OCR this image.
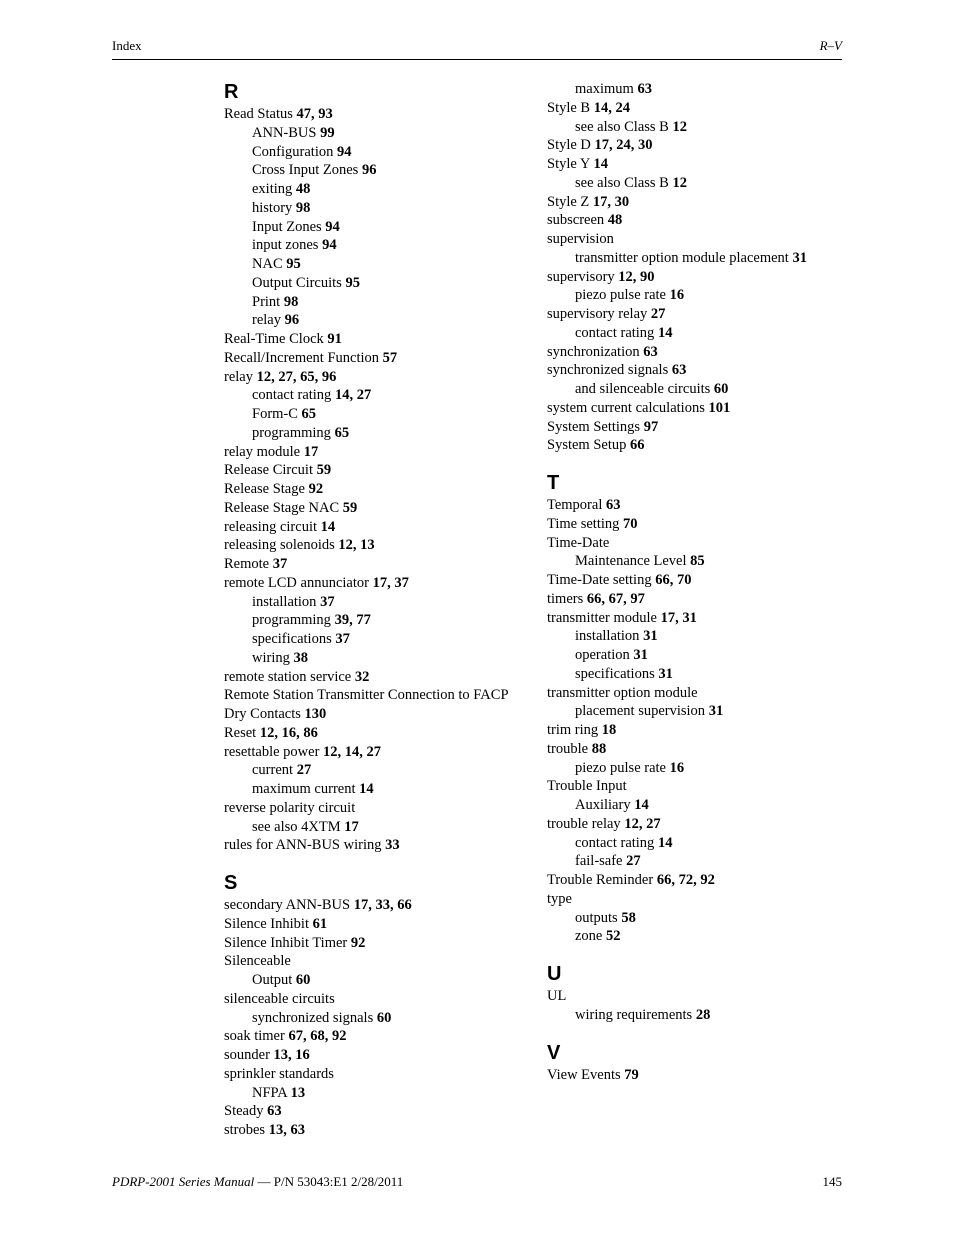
Index	R–V
R
Read Status 47, 93
ANN-BUS 99
Configuration 94
Cross Input Zones 96
exiting 48
history 98
Input Zones 94
input zones 94
NAC 95
Output Circuits 95
Print 98
relay 96
Real-Time Clock 91
Recall/Increment Function 57
relay 12, 27, 65, 96
contact rating 14, 27
Form-C 65
programming 65
relay module 17
Release Circuit 59
Release Stage 92
Release Stage NAC 59
releasing circuit 14
releasing solenoids 12, 13
Remote 37
remote LCD annunciator 17, 37
installation 37
programming 39, 77
specifications 37
wiring 38
remote station service 32
Remote Station Transmitter Connection to FACP
Dry Contacts 130
Reset 12, 16, 86
resettable power 12, 14, 27
current 27
maximum current 14
reverse polarity circuit
see also 4XTM 17
rules for ANN-BUS wiring 33
S
secondary ANN-BUS 17, 33, 66
Silence Inhibit 61
Silence Inhibit Timer 92
Silenceable
Output 60
silenceable circuits
synchronized signals 60
soak timer 67, 68, 92
sounder 13, 16
sprinkler standards
NFPA 13
Steady 63
strobes 13, 63
maximum 63
Style B 14, 24
see also Class B 12
Style D 17, 24, 30
Style Y 14
see also Class B 12
Style Z 17, 30
subscreen 48
supervision
transmitter option module placement 31
supervisory 12, 90
piezo pulse rate 16
supervisory relay 27
contact rating 14
synchronization 63
synchronized signals 63
and silenceable circuits 60
system current calculations 101
System Settings 97
System Setup 66
T
Temporal 63
Time setting 70
Time-Date
Maintenance Level 85
Time-Date setting 66, 70
timers 66, 67, 97
transmitter module 17, 31
installation 31
operation 31
specifications 31
transmitter option module
placement supervision 31
trim ring 18
trouble 88
piezo pulse rate 16
Trouble Input
Auxiliary 14
trouble relay 12, 27
contact rating 14
fail-safe 27
Trouble Reminder 66, 72, 92
type
outputs 58
zone 52
U
UL
wiring requirements 28
V
View Events 79
PDRP-2001 Series Manual — P/N 53043:E1 2/28/2011	145
